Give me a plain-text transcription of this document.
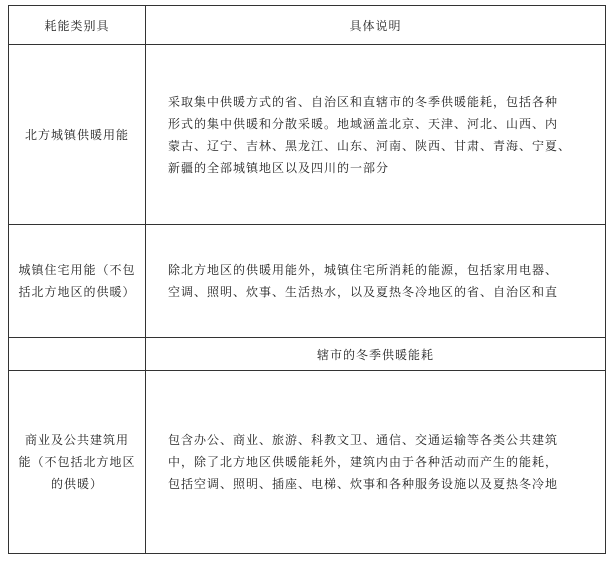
耗能类别具	具体说明

北方城镇供暖用能	采取集中供暖方式的省、自治区和直辖市的冬季供暖能耗，包括各种
形式的集中供暖和分散采暖。地域涵盖北京、天津、河北、山西、内
蒙古、辽宁、吉林、黑龙江、山东、河南、陕西、甘肃、青海、宁夏、
新疆的全部城镇地区以及四川的一部分

城镇住宅用能（不包
括北方地区的供暖）	除北方地区的供暖用能外，城镇住宅所消耗的能源，包括家用电器、
空调、照明、炊事、生活热水，以及夏热冬冷地区的省、自治区和直

	辖市的冬季供暖能耗

商业及公共建筑用
能（不包括北方地区
的供暖）	包含办公、商业、旅游、科教文卫、通信、交通运输等各类公共建筑
中，除了北方地区供暖能耗外，建筑内由于各种活动而产生的能耗，
包括空调、照明、插座、电梯、炊事和各种服务设施以及夏热冬冷地
